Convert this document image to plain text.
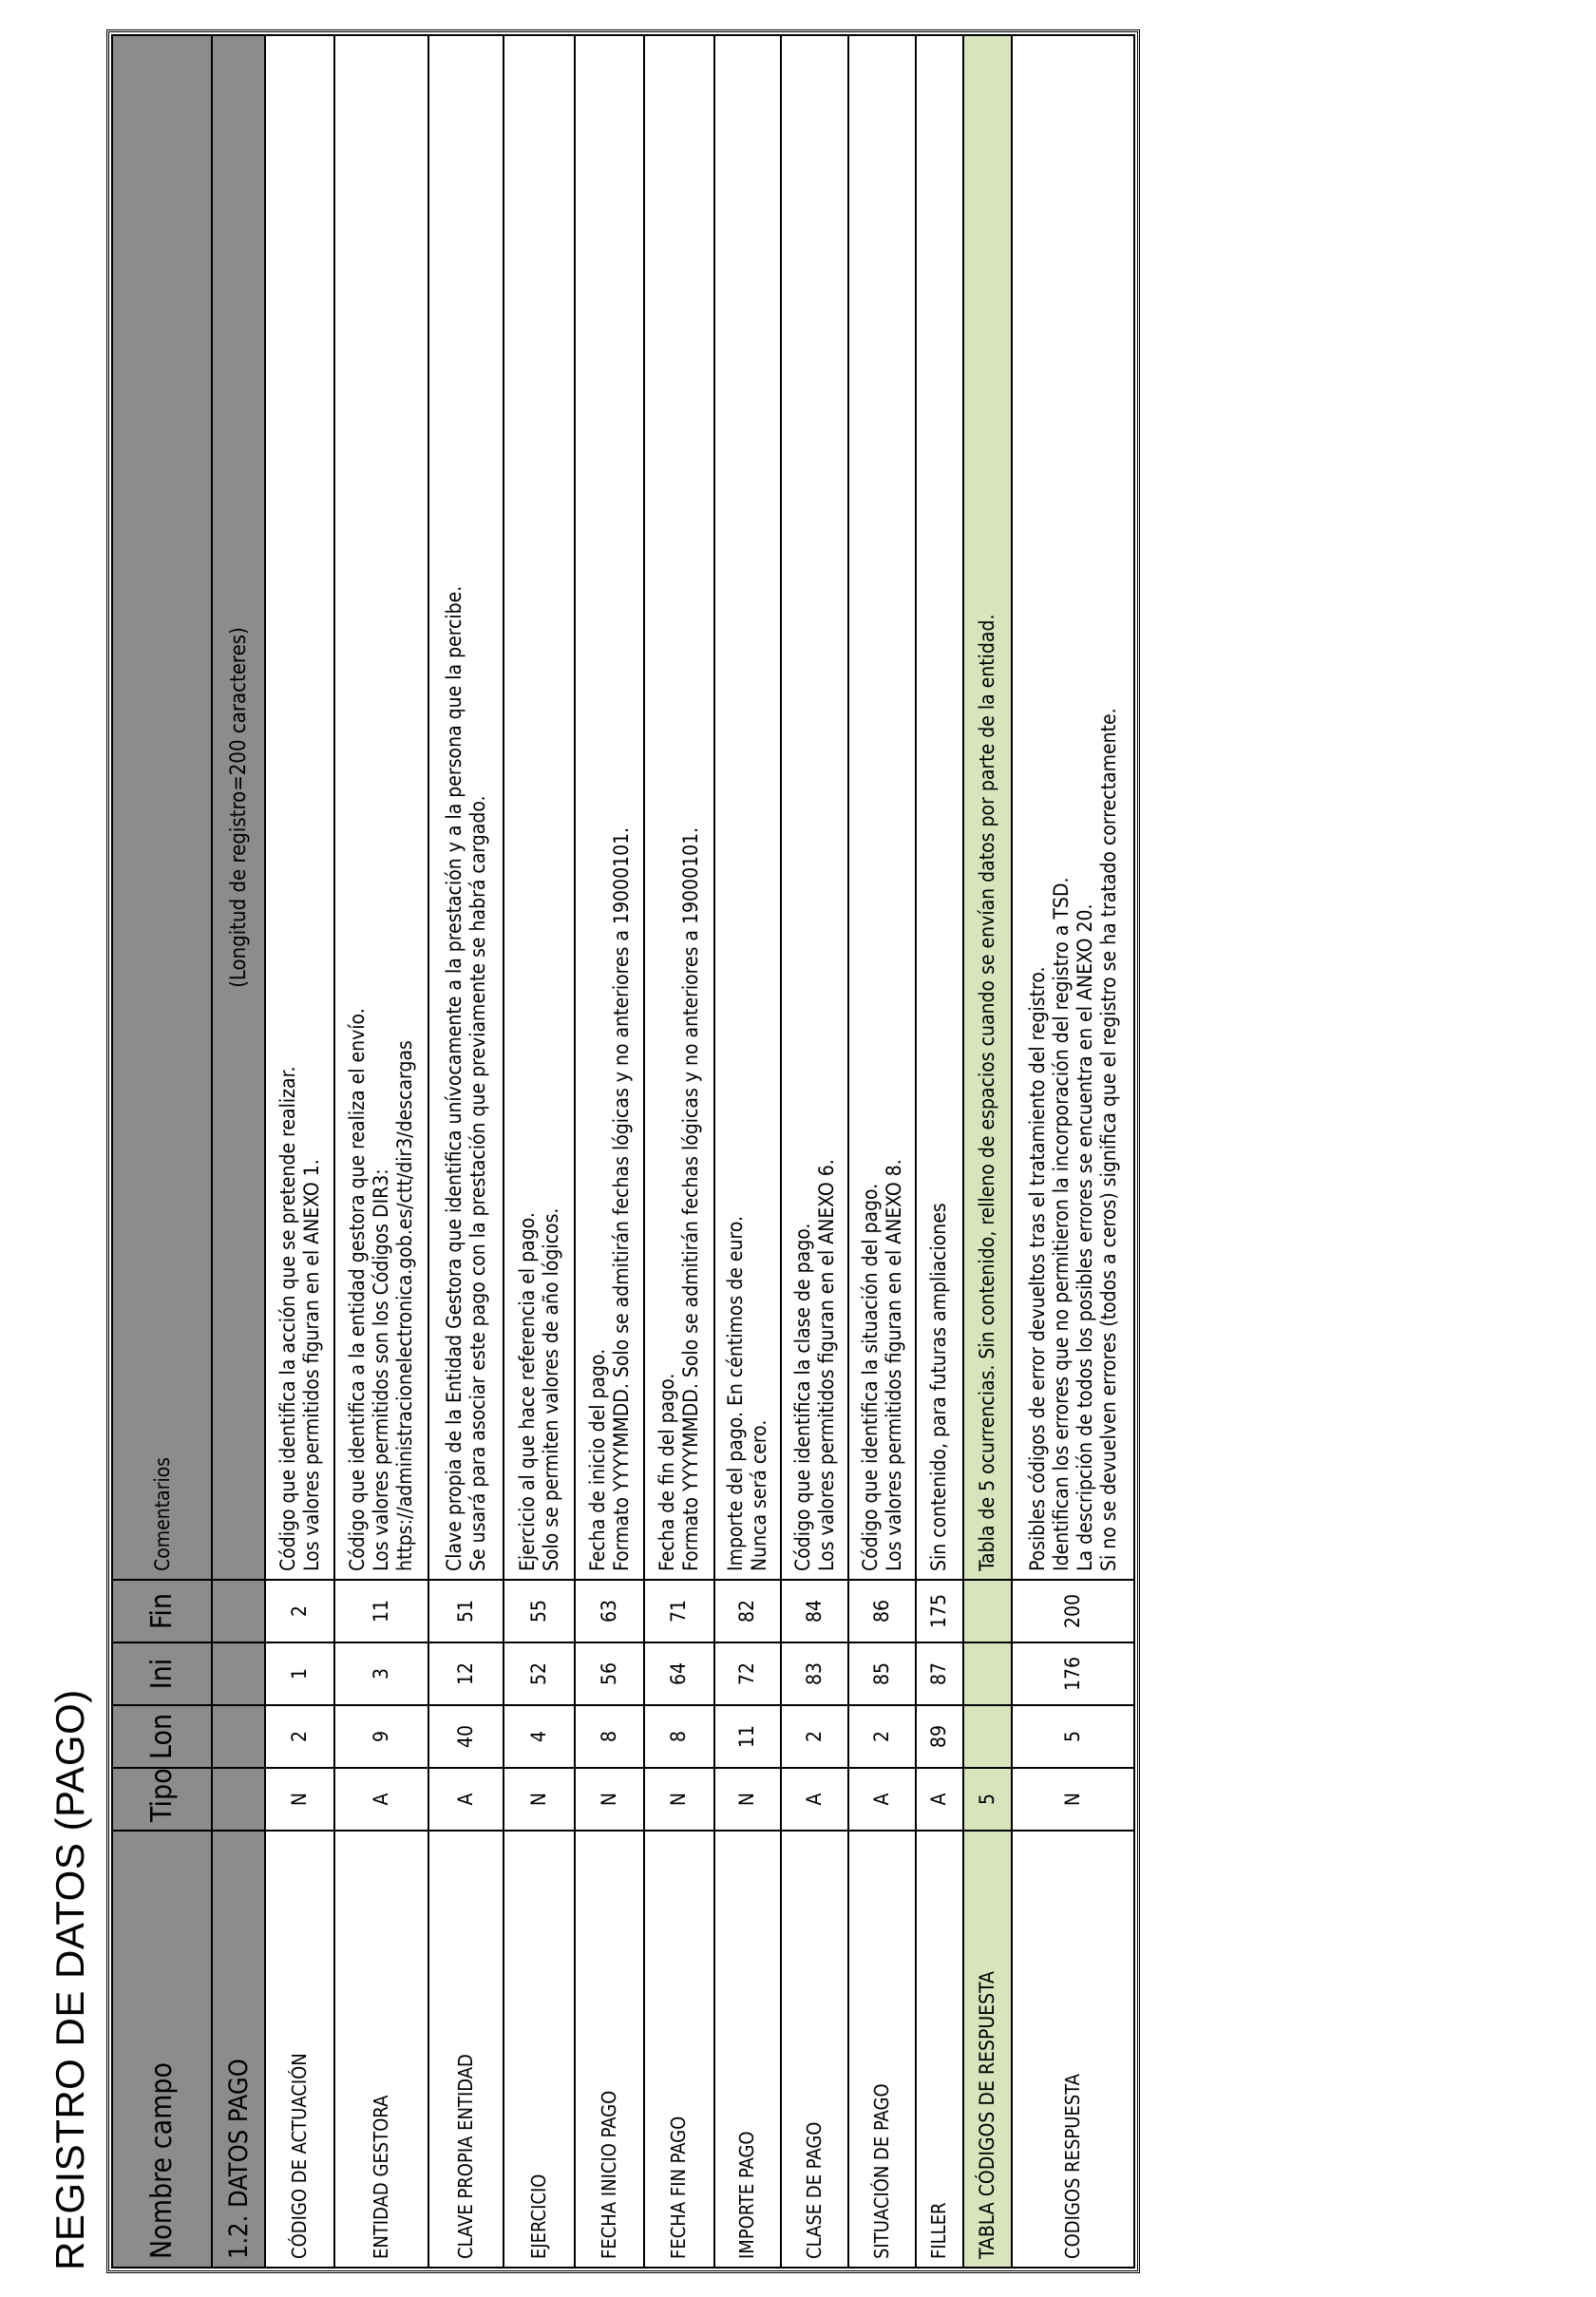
REGISTRO DE DATOS (PAGO) Nombre campo	Tipo	Lon	Ini	Fin	Comentarios
1.2. DATOS PAGO					(Longitud de registro=200 caracteres)
CÓDIGO DE ACTUACIÓN	N	2	1	2	Código que identifica la acción que se pretende realizar. Los valores permitidos figuran en el ANEXO 1.

ENTIDAD GESTORA	A	9	3	11	Código que identifica a la entidad gestora que realiza el envío. Los valores permitidos son los Códigos DIR3: https://administracionelectronica.gob.es/ctt/dir3/descargas

CLAVE PROPIA ENTIDAD	A	40	12	51	Clave propia de la Entidad Gestora que identifica unívocamente a la prestación y a la persona que la percibe. Se usará para asociar este pago con la prestación que previamente se habrá cargado.

EJERCICIO	N	4	52	55	Ejercicio al que hace referencia el pago. Solo se permiten valores de año lógicos.

FECHA INICIO PAGO	N	8	56	63	Fecha de inicio del pago. Formato YYYYMMDD. Solo se admitirán fechas lógicas y no anteriores a 19000101.

FECHA FIN PAGO	N	8	64	71	Fecha de fin del pago. Formato YYYYMMDD. Solo se admitirán fechas lógicas y no anteriores a 19000101.

IMPORTE PAGO	N	11	72	82	Importe del pago. En céntimos de euro. Nunca será cero.

CLASE DE PAGO	A	2	83	84	Código que identifica la clase de pago. Los valores permitidos figuran en el ANEXO 6.

SITUACIÓN DE PAGO	A	2	85	86	Código que identifica la situación del pago. Los valores permitidos figuran en el ANEXO 8.

FILLER	A	89	87	175	Sin contenido, para futuras ampliaciones

TABLA CÓDIGOS DE RESPUESTA	5				Tabla de 5 ocurrencias. Sin contenido, relleno de espacios cuando se envían datos por parte de la entidad.
CODIGOS RESPUESTA	N	5	176	200	Posibles códigos de error devueltos tras el tratamiento del registro. Identifican los errores que no permitieron la incorporación del registro a TSD. La descripción de todos los posibles errores se encuentra en el ANEXO 20. Si no se devuelven errores (todos a ceros) significa que el registro se ha tratado correctamente.
